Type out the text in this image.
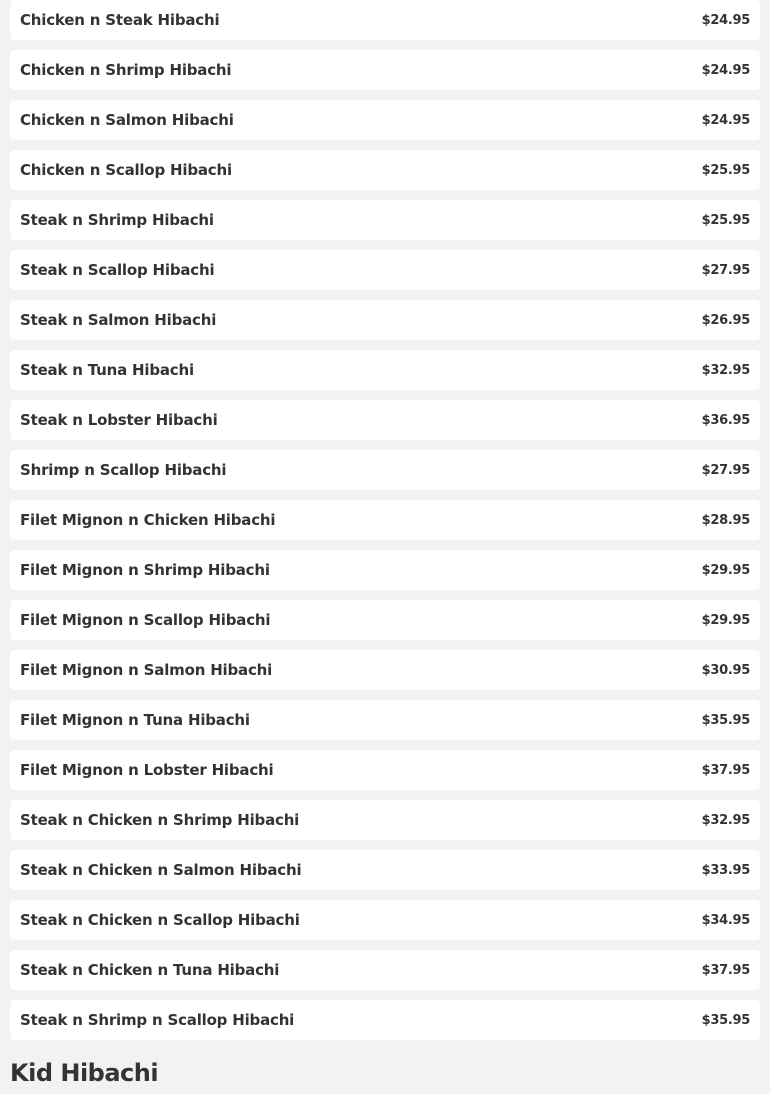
Chicken n Steak Hibachi	$24.95
Chicken n Shrimp Hibachi	$24.95
Chicken n Salmon Hibachi	$24.95
Chicken n Scallop Hibachi	$25.95
Steak n Shrimp Hibachi	$25.95
Steak n Scallop Hibachi	$27.95
Steak n Salmon Hibachi	$26.95
Steak n Tuna Hibachi	$32.95
Steak n Lobster Hibachi	$36.95
Shrimp n Scallop Hibachi	$27.95
Filet Mignon n Chicken Hibachi	$28.95
Filet Mignon n Shrimp Hibachi	$29.95
Filet Mignon n Scallop Hibachi	$29.95
Filet Mignon n Salmon Hibachi	$30.95
Filet Mignon n Tuna Hibachi	$35.95
Filet Mignon n Lobster Hibachi	$37.95
Steak n Chicken n Shrimp Hibachi	$32.95
Steak n Chicken n Salmon Hibachi	$33.95
Steak n Chicken n Scallop Hibachi	$34.95
Steak n Chicken n Tuna Hibachi	$37.95
Steak n Shrimp n Scallop Hibachi	$35.95
Kid Hibachi
